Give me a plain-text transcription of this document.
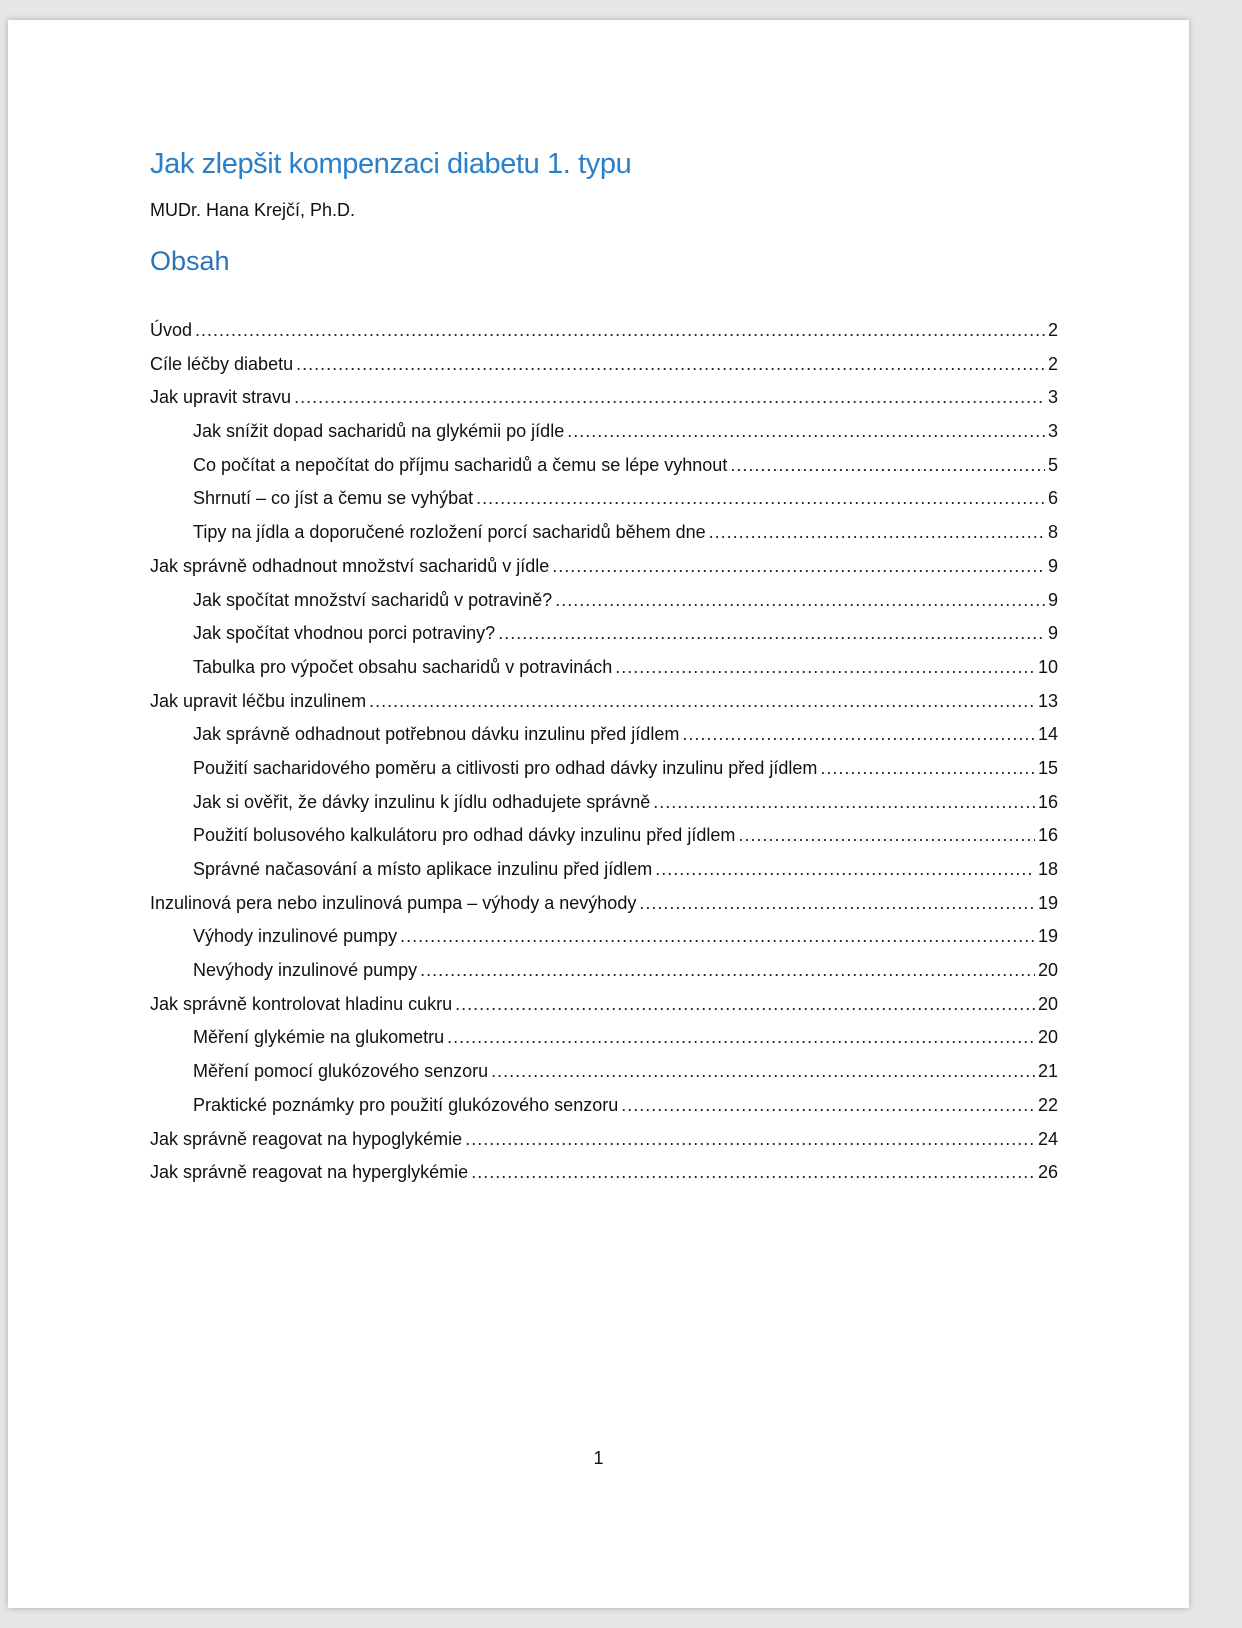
Jak zlepšit kompenzaci diabetu 1. typu
MUDr. Hana Krejčí, Ph.D.
Obsah
Úvod .....	2
Cíle léčby diabetu .....	2
Jak upravit stravu .....	3
Jak snížit dopad sacharidů na glykémii po jídle .....	3
Co počítat a nepočítat do příjmu sacharidů a čemu se lépe vyhnout .....	5
Shrnutí – co jíst a čemu se vyhýbat .....	6
Tipy na jídla a doporučené rozložení porcí sacharidů během dne .....	8
Jak správně odhadnout množství sacharidů v jídle .....	9
Jak spočítat množství sacharidů v potravině? .....	9
Jak spočítat vhodnou porci potraviny? .....	9
Tabulka pro výpočet obsahu sacharidů v potravinách .....	10
Jak upravit léčbu inzulinem .....	13
Jak správně odhadnout potřebnou dávku inzulinu před jídlem .....	14
Použití sacharidového poměru a citlivosti pro odhad dávky inzulinu před jídlem .....	15
Jak si ověřit, že dávky inzulinu k jídlu odhadujete správně .....	16
Použití bolusového kalkulátoru pro odhad dávky inzulinu před jídlem .....	16
Správné načasování a místo aplikace inzulinu před jídlem .....	18
Inzulinová pera nebo inzulinová pumpa – výhody a nevýhody .....	19
Výhody inzulinové pumpy .....	19
Nevýhody inzulinové pumpy .....	20
Jak správně kontrolovat hladinu cukru .....	20
Měření glykémie na glukometru .....	20
Měření pomocí glukózového senzoru .....	21
Praktické poznámky pro použití glukózového senzoru .....	22
Jak správně reagovat na hypoglykémie .....	24
Jak správně reagovat na hyperglykémie .....	26
1
